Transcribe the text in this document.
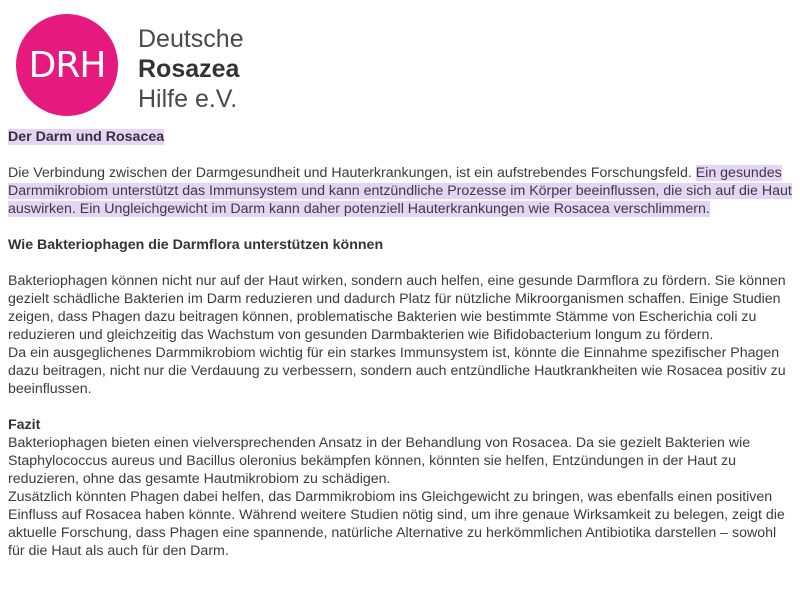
DRH
Deutsche
Rosazea
Hilfe e.V.
Der Darm und Rosacea

Die Verbindung zwischen der Darmgesundheit und Hauterkrankungen, ist ein aufstrebendes Forschungsfeld. Ein gesundes Darmmikrobiom unterstützt das Immunsystem und kann entzündliche Prozesse im Körper beeinflussen, die sich auf die Haut auswirken. Ein Ungleichgewicht im Darm kann daher potenziell Hauterkrankungen wie Rosacea verschlimmern.

Wie Bakteriophagen die Darmflora unterstützen können

Bakteriophagen können nicht nur auf der Haut wirken, sondern auch helfen, eine gesunde Darmflora zu fördern. Sie können gezielt schädliche Bakterien im Darm reduzieren und dadurch Platz für nützliche Mikroorganismen schaffen. Einige Studien zeigen, dass Phagen dazu beitragen können, problematische Bakterien wie bestimmte Stämme von Escherichia coli zu reduzieren und gleichzeitig das Wachstum von gesunden Darmbakterien wie Bifidobacterium longum zu fördern.

Da ein ausgeglichenes Darmmikrobiom wichtig für ein starkes Immunsystem ist, könnte die Einnahme spezifischer Phagen dazu beitragen, nicht nur die Verdauung zu verbessern, sondern auch entzündliche Hautkrankheiten wie Rosacea positiv zu beeinflussen.

Fazit

Bakteriophagen bieten einen vielversprechenden Ansatz in der Behandlung von Rosacea. Da sie gezielt Bakterien wie Staphylococcus aureus und Bacillus oleronius bekämpfen können, könnten sie helfen, Entzündungen in der Haut zu reduzieren, ohne das gesamte Hautmikrobiom zu schädigen.

Zusätzlich könnten Phagen dabei helfen, das Darmmikrobiom ins Gleichgewicht zu bringen, was ebenfalls einen positiven Einfluss auf Rosacea haben könnte. Während weitere Studien nötig sind, um ihre genaue Wirksamkeit zu belegen, zeigt die aktuelle Forschung, dass Phagen eine spannende, natürliche Alternative zu herkömmlichen Antibiotika darstellen – sowohl für die Haut als auch für den Darm.
